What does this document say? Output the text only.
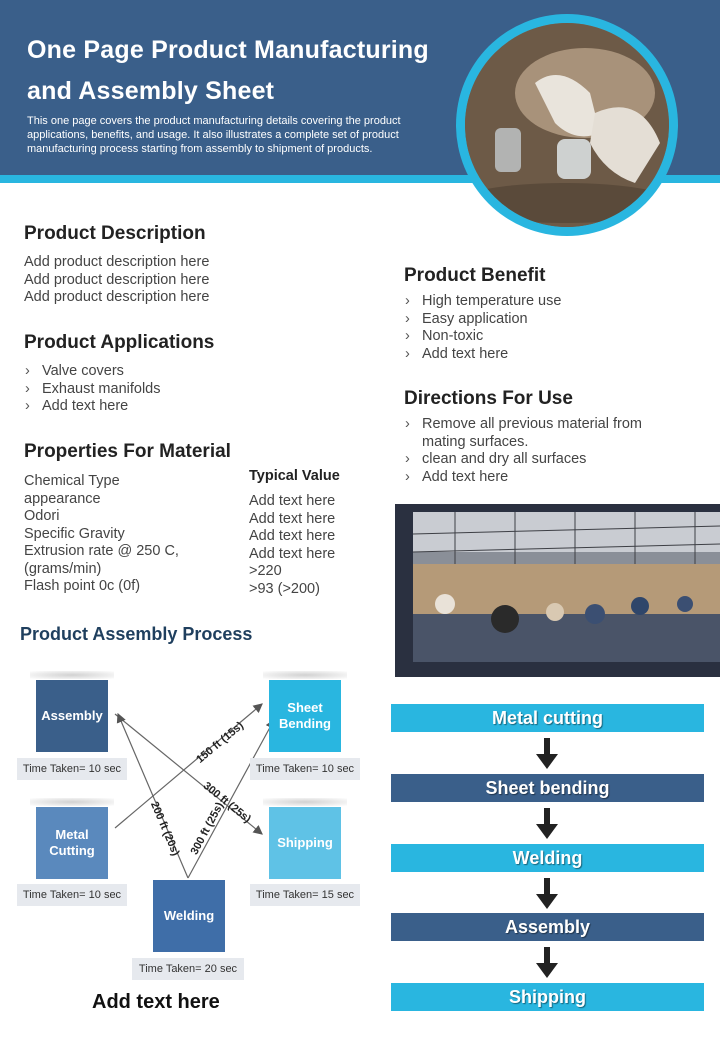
One Page Product Manufacturing and Assembly Sheet
This one page covers the product manufacturing details covering the product applications, benefits, and usage. It also illustrates a complete set of product manufacturing process starting from assembly to shipment of products.
Product Description
Add product description here
Add product description here
Add product description here
Product Applications
› Valve covers
› Exhaust manifolds
› Add text here
Properties For Material
Chemical Type
appearance
Odori
Specific Gravity
Extrusion rate @ 250 C,
(grams/min)
Flash point 0c (0f)
Typical Value
Add text here
Add text here
Add text here
Add text here
>220
>93 (>200)
Product Benefit
› High temperature use
› Easy application
› Non-toxic
› Add text here
Directions For Use
› Remove all previous material from mating surfaces.
› clean and dry all surfaces
› Add text here
Product Assembly Process
150 ft (15s)
300 ft (25s)
200 ft (20s) 300 ft (25s)
Assembly
Time Taken= 10 sec
Sheet Bending
Time Taken= 10 sec
Metal Cutting
Time Taken= 10 sec
Shipping
Time Taken= 15 sec
Welding
Time Taken= 20 sec
Add text here
Metal cutting
Sheet bending
Welding
Assembly
Shipping
